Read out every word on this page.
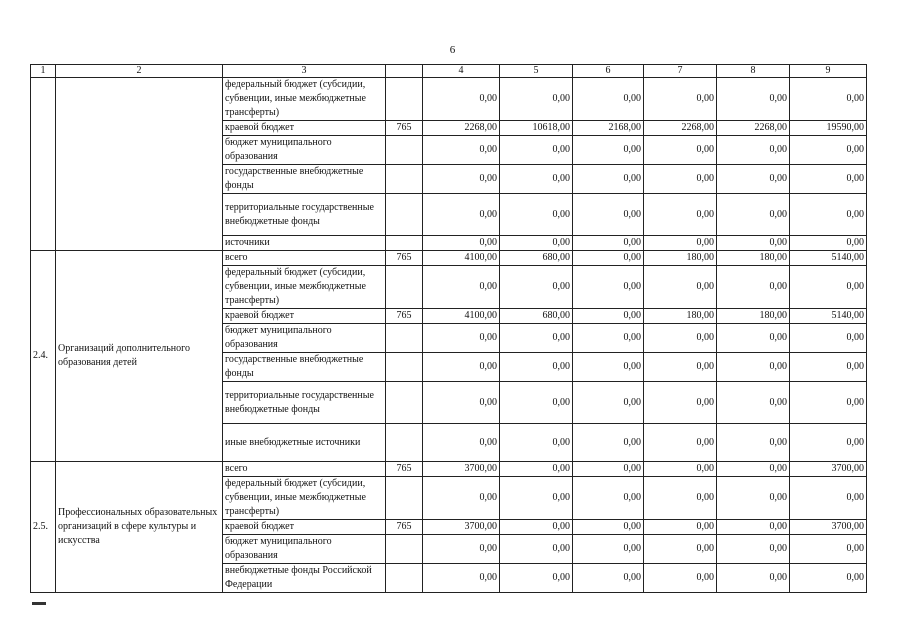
6
1	2	3		4	5	6	7	8	9
		федеральный бюджет (субсидии, субвенции, иные межбюджетные трансферты)		0,00	0,00	0,00	0,00	0,00	0,00
		краевой бюджет	765	2268,00	10618,00	2168,00	2268,00	2268,00	19590,00
		бюджет муниципального образования		0,00	0,00	0,00	0,00	0,00	0,00
		государственные внебюджетные фонды		0,00	0,00	0,00	0,00	0,00	0,00
		территориальные государственные внебюджетные фонды		0,00	0,00	0,00	0,00	0,00	0,00
		источники		0,00	0,00	0,00	0,00	0,00	0,00
2.4.	Организаций дополнительного образования детей	всего	765	4100,00	680,00	0,00	180,00	180,00	5140,00
		федеральный бюджет (субсидии, субвенции, иные межбюджетные трансферты)		0,00	0,00	0,00	0,00	0,00	0,00
		краевой бюджет	765	4100,00	680,00	0,00	180,00	180,00	5140,00
		бюджет муниципального образования		0,00	0,00	0,00	0,00	0,00	0,00
		государственные внебюджетные фонды		0,00	0,00	0,00	0,00	0,00	0,00
		территориальные государственные внебюджетные фонды		0,00	0,00	0,00	0,00	0,00	0,00
		иные внебюджетные источники		0,00	0,00	0,00	0,00	0,00	0,00
2.5.	Профессиональных образовательных организаций в сфере культуры и искусства	всего	765	3700,00	0,00	0,00	0,00	0,00	3700,00
		федеральный бюджет (субсидии, субвенции, иные межбюджетные трансферты)		0,00	0,00	0,00	0,00	0,00	0,00
		краевой бюджет	765	3700,00	0,00	0,00	0,00	0,00	3700,00
		бюджет муниципального образования		0,00	0,00	0,00	0,00	0,00	0,00
		внебюджетные фонды Российской Федерации		0,00	0,00	0,00	0,00	0,00	0,00
